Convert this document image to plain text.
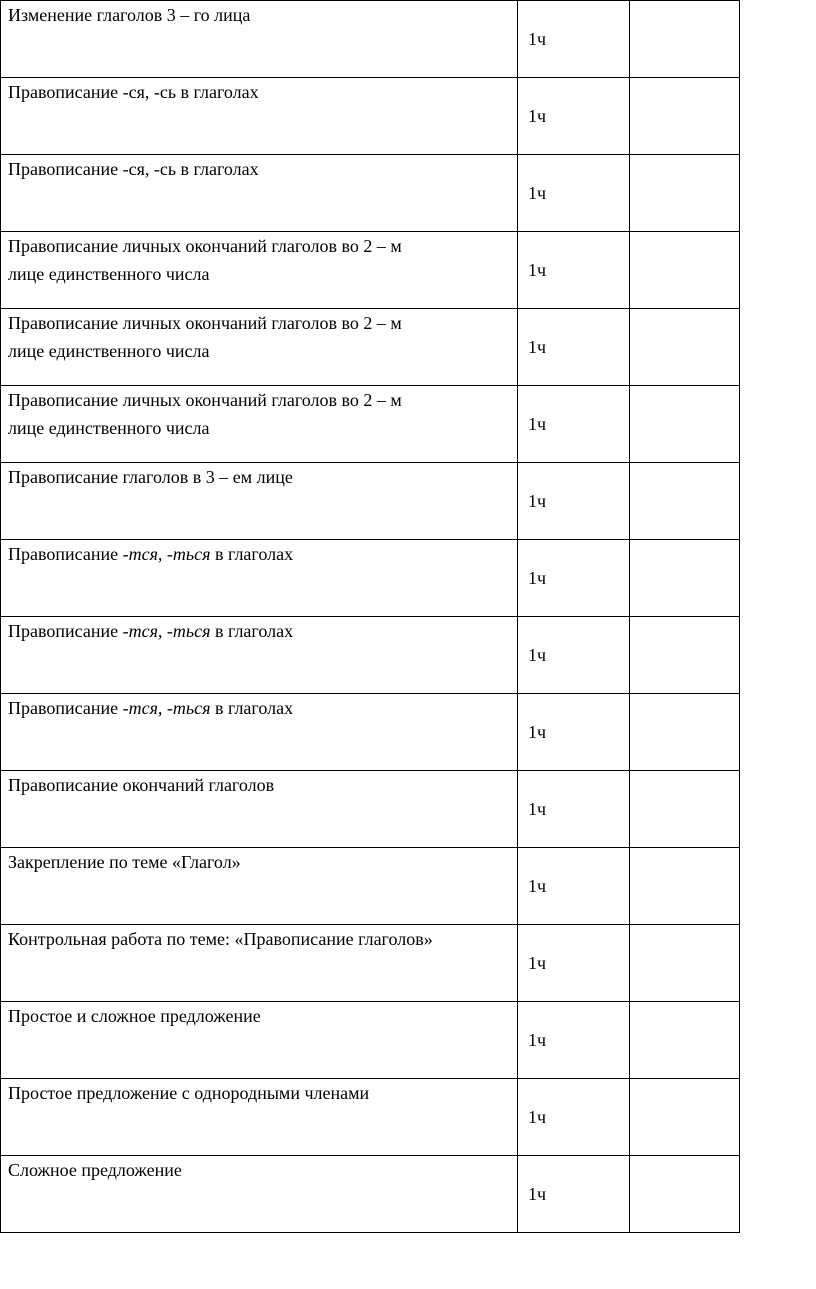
Изменение глаголов 3 – го лица	1ч	
Правописание -ся, -сь в глаголах	1ч	
Правописание -ся, -сь в глаголах	1ч	
Правописание личных окончаний глаголов во 2 – м
лице единственного числа	1ч	
Правописание личных окончаний глаголов во 2 – м
лице единственного числа	1ч	
Правописание личных окончаний глаголов во 2 – м
лице единственного числа	1ч	
Правописание глаголов в 3 – ем лице	1ч	
Правописание -тся, -ться в глаголах	1ч	
Правописание -тся, -ться в глаголах	1ч	
Правописание -тся, -ться в глаголах	1ч	
Правописание окончаний глаголов	1ч	
Закрепление по теме «Глагол»	1ч	
Контрольная работа по теме: «Правописание глаголов»	1ч	
Простое и сложное предложение	1ч	
Простое предложение с однородными членами	1ч	
Сложное предложение	1ч	
